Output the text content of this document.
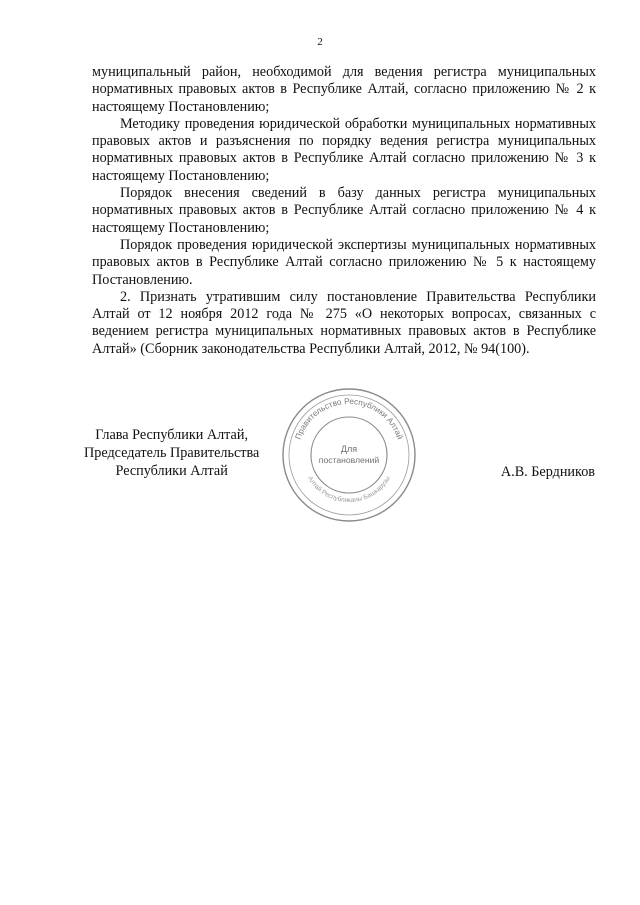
2

муниципальный район, необходимой для ведения регистра муниципальных нормативных правовых актов в Республике Алтай, согласно приложению № 2 к настоящему Постановлению;

Методику проведения юридической обработки муниципальных нормативных правовых актов и разъяснения по порядку ведения регистра муниципальных нормативных правовых актов в Республике Алтай согласно приложению № 3 к настоящему Постановлению;

Порядок внесения сведений в базу данных регистра муниципальных нормативных правовых актов в Республике Алтай согласно приложению № 4 к настоящему Постановлению;

Порядок проведения юридической экспертизы муниципальных нормативных правовых актов в Республике Алтай согласно приложению № 5 к настоящему Постановлению.

2. Признать утратившим силу постановление Правительства Республики Алтай от 12 ноября 2012 года № 275 «О некоторых вопросах, связанных с ведением регистра муниципальных нормативных правовых актов в Республике Алтай» (Сборник законодательства Республики Алтай, 2012, № 94(100).

Глава Республики Алтай,
Председатель Правительства
Республики Алтай	А.В. Бердников
Правительство Республики Алтай
Алтай Республиканы Башкарузы
Для
постановлений
